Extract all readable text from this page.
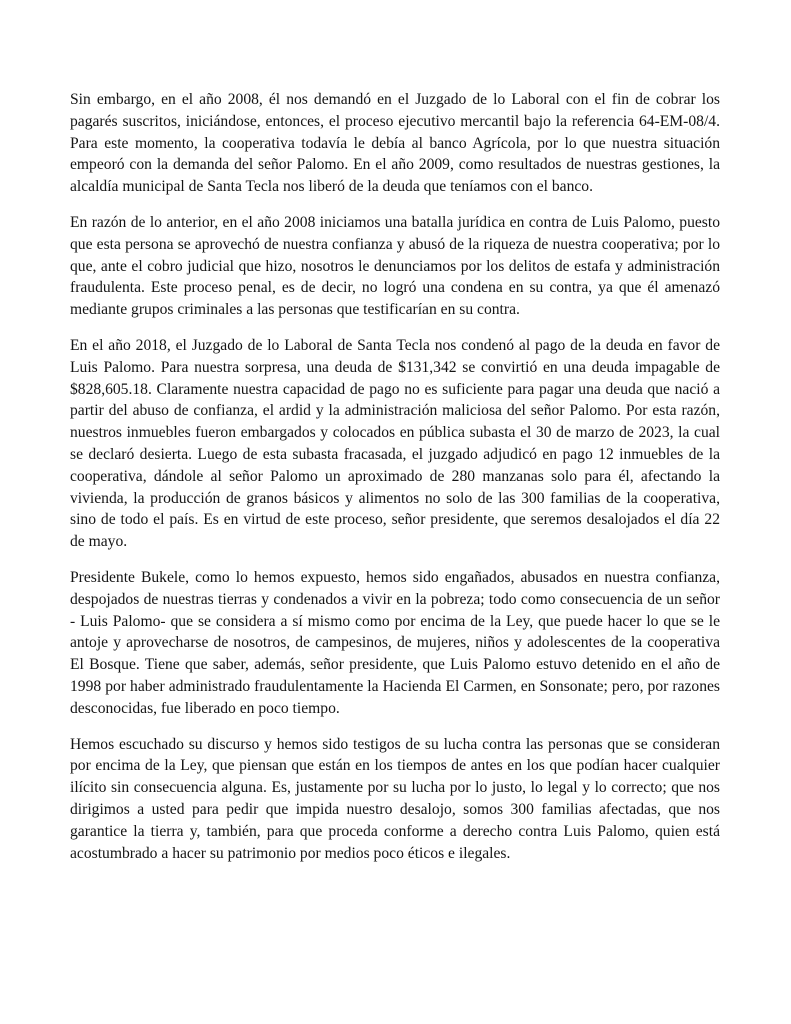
Sin embargo, en el año 2008, él nos demandó en el Juzgado de lo Laboral con el fin de cobrar los pagarés suscritos, iniciándose, entonces, el proceso ejecutivo mercantil bajo la referencia 64-EM-08/4. Para este momento, la cooperativa todavía le debía al banco Agrícola, por lo que nuestra situación empeoró con la demanda del señor Palomo. En el año 2009, como resultados de nuestras gestiones, la alcaldía municipal de Santa Tecla nos liberó de la deuda que teníamos con el banco.

En razón de lo anterior, en el año 2008 iniciamos una batalla jurídica en contra de Luis Palomo, puesto que esta persona se aprovechó de nuestra confianza y abusó de la riqueza de nuestra cooperativa; por lo que, ante el cobro judicial que hizo, nosotros le denunciamos por los delitos de estafa y administración fraudulenta. Este proceso penal, es de decir, no logró una condena en su contra, ya que él amenazó mediante grupos criminales a las personas que testificarían en su contra.

En el año 2018, el Juzgado de lo Laboral de Santa Tecla nos condenó al pago de la deuda en favor de Luis Palomo. Para nuestra sorpresa, una deuda de $131,342 se convirtió en una deuda impagable de $828,605.18. Claramente nuestra capacidad de pago no es suficiente para pagar una deuda que nació a partir del abuso de confianza, el ardid y la administración maliciosa del señor Palomo. Por esta razón, nuestros inmuebles fueron embargados y colocados en pública subasta el 30 de marzo de 2023, la cual se declaró desierta. Luego de esta subasta fracasada, el juzgado adjudicó en pago 12 inmuebles de la cooperativa, dándole al señor Palomo un aproximado de 280 manzanas solo para él, afectando la vivienda, la producción de granos básicos y alimentos no solo de las 300 familias de la cooperativa, sino de todo el país. Es en virtud de este proceso, señor presidente, que seremos desalojados el día 22 de mayo.

Presidente Bukele, como lo hemos expuesto, hemos sido engañados, abusados en nuestra confianza, despojados de nuestras tierras y condenados a vivir en la pobreza; todo como consecuencia de un señor - Luis Palomo- que se considera a sí mismo como por encima de la Ley, que puede hacer lo que se le antoje y aprovecharse de nosotros, de campesinos, de mujeres, niños y adolescentes de la cooperativa El Bosque. Tiene que saber, además, señor presidente, que Luis Palomo estuvo detenido en el año de 1998 por haber administrado fraudulentamente la Hacienda El Carmen, en Sonsonate; pero, por razones desconocidas, fue liberado en poco tiempo.

Hemos escuchado su discurso y hemos sido testigos de su lucha contra las personas que se consideran por encima de la Ley, que piensan que están en los tiempos de antes en los que podían hacer cualquier ilícito sin consecuencia alguna. Es, justamente por su lucha por lo justo, lo legal y lo correcto; que nos dirigimos a usted para pedir que impida nuestro desalojo, somos 300 familias afectadas, que nos garantice la tierra y, también, para que proceda conforme a derecho contra Luis Palomo, quien está acostumbrado a hacer su patrimonio por medios poco éticos e ilegales.
